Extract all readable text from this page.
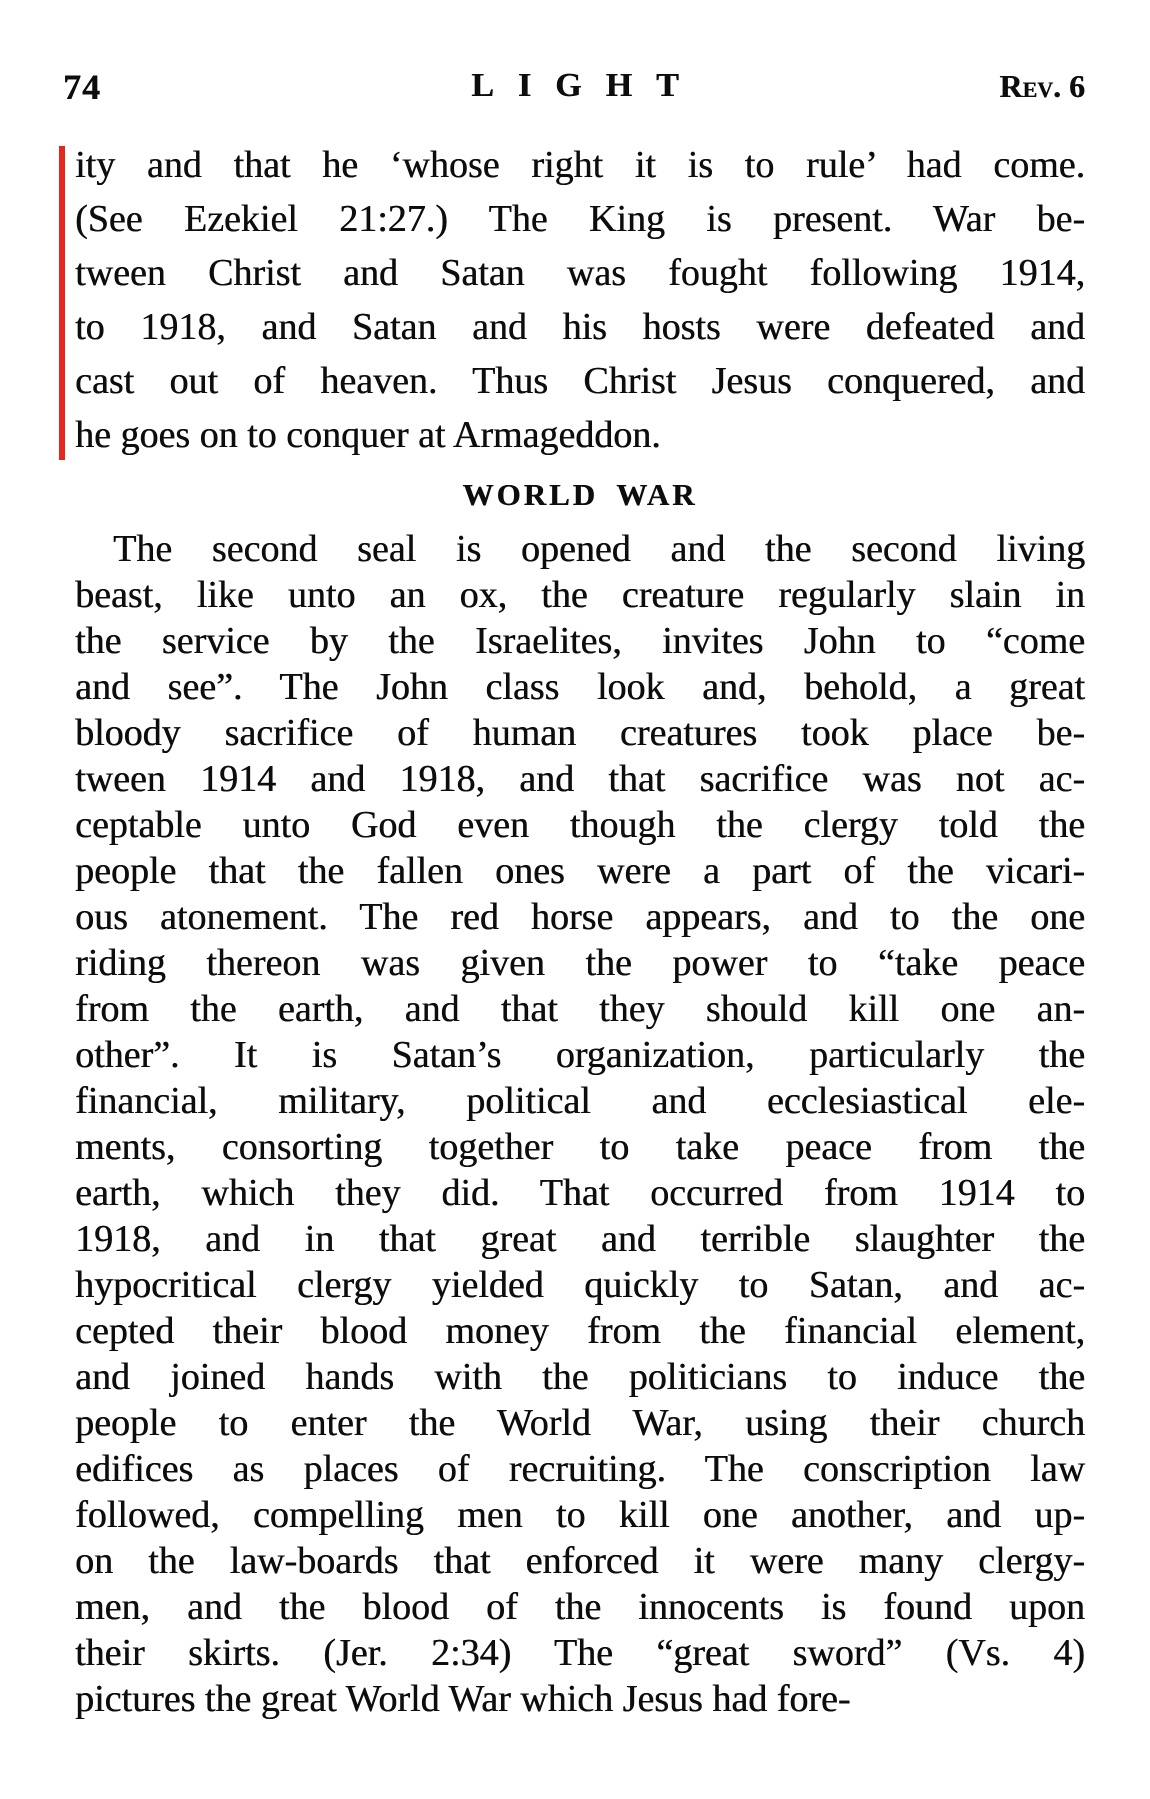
74	LIGHT	Rev. 6
ity and that he ‘whose right it is to rule’ had come.
(See Ezekiel 21:27.) The King is present. War be-
tween Christ and Satan was fought following 1914,
to 1918, and Satan and his hosts were defeated and
cast out of heaven. Thus Christ Jesus conquered, and
he goes on to conquer at Armageddon.
WORLD WAR
The second seal is opened and the second living
beast, like unto an ox, the creature regularly slain in
the service by the Israelites, invites John to “come
and see”. The John class look and, behold, a great
bloody sacrifice of human creatures took place be-
tween 1914 and 1918, and that sacrifice was not ac-
ceptable unto God even though the clergy told the
people that the fallen ones were a part of the vicari-
ous atonement. The red horse appears, and to the one
riding thereon was given the power to “take peace
from the earth, and that they should kill one an-
other”. It is Satan’s organization, particularly the
financial, military, political and ecclesiastical ele-
ments, consorting together to take peace from the
earth, which they did. That occurred from 1914 to
1918, and in that great and terrible slaughter the
hypocritical clergy yielded quickly to Satan, and ac-
cepted their blood money from the financial element,
and joined hands with the politicians to induce the
people to enter the World War, using their church
edifices as places of recruiting. The conscription law
followed, compelling men to kill one another, and up-
on the law-boards that enforced it were many clergy-
men, and the blood of the innocents is found upon
their skirts. (Jer. 2:34) The “great sword” (Vs. 4)
pictures the great World War which Jesus had fore-
